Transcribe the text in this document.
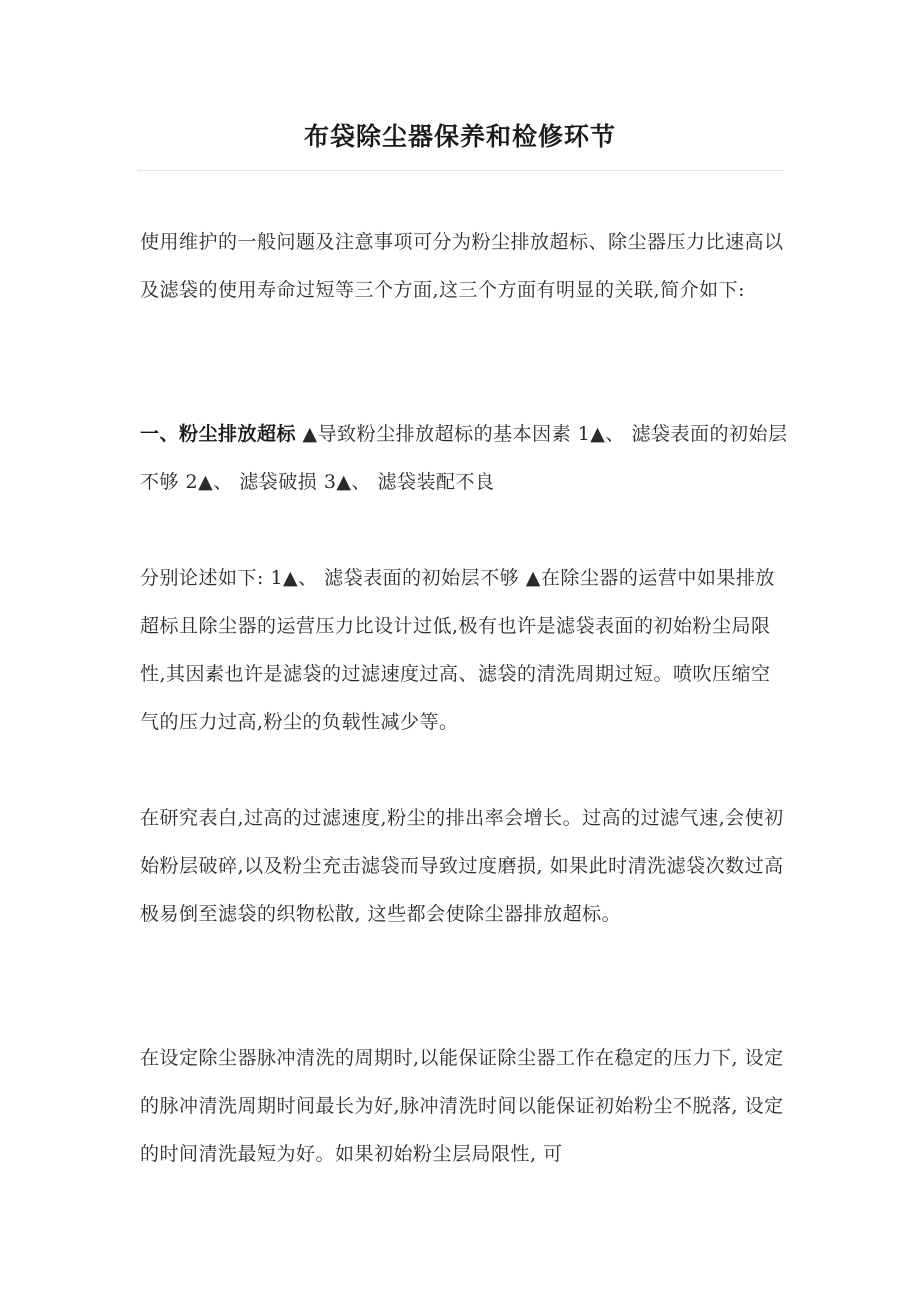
布袋除尘器保养和检修环节

使用维护的一般问题及注意事项可分为粉尘排放超标、除尘器压力比速高以及滤袋的使用寿命过短等三个方面,这三个方面有明显的关联,简介如下:

一、粉尘排放超标 ▲导致粉尘排放超标的基本因素 1▲、 滤袋表面的初始层不够 2▲、 滤袋破损 3▲、 滤袋装配不良

分别论述如下: 1▲、 滤袋表面的初始层不够 ▲在除尘器的运营中如果排放超标且除尘器的运营压力比设计过低,极有也许是滤袋表面的初始粉尘局限性,其因素也许是滤袋的过滤速度过高、滤袋的清洗周期过短。喷吹压缩空气的压力过高,粉尘的负载性减少等。

在研究表白,过高的过滤速度,粉尘的排出率会增长。过高的过滤气速,会使初始粉层破碎,以及粉尘充击滤袋而导致过度磨损, 如果此时清洗滤袋次数过高极易倒至滤袋的织物松散, 这些都会使除尘器排放超标。

在设定除尘器脉冲清洗的周期时,以能保证除尘器工作在稳定的压力下, 设定的脉冲清洗周期时间最长为好,脉冲清洗时间以能保证初始粉尘不脱落, 设定的时间清洗最短为好。如果初始粉尘层局限性, 可
